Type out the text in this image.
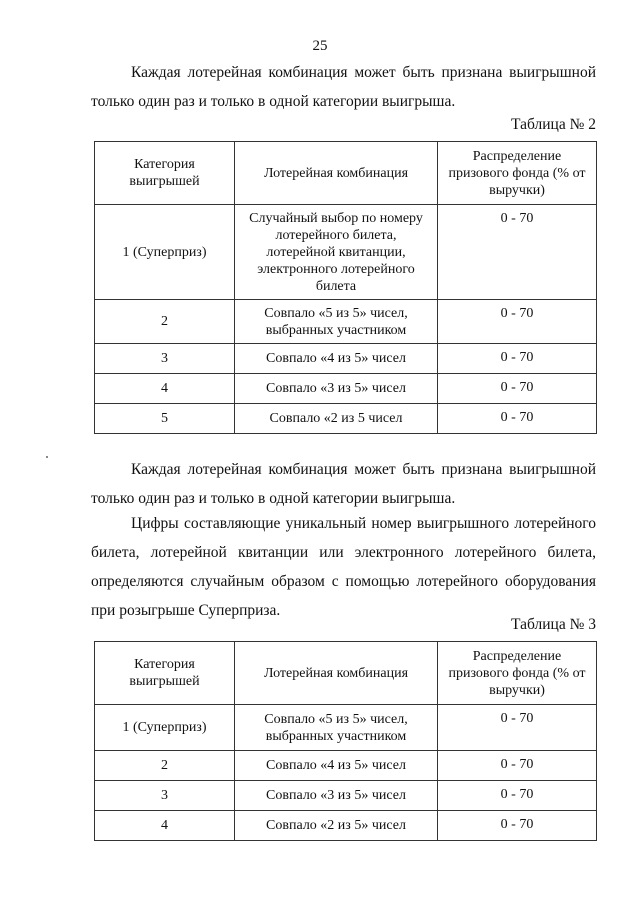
25

Каждая лотерейная комбинация может быть признана выигрышной только один раз и только в одной категории выигрыша.

Таблица № 2
Категория выигрышей	Лотерейная комбинация	Распределение призового фонда (% от выручки)
1 (Суперприз)	Случайный выбор по номеру лотерейного билета, лотерейной квитанции, электронного лотерейного билета	0 - 70
2	Совпало «5 из 5» чисел, выбранных участником	0 - 70
3	Совпало «4 из 5» чисел	0 - 70
4	Совпало «3 из 5» чисел	0 - 70
5	Совпало «2 из 5 чисел	0 - 70

Каждая лотерейная комбинация может быть признана выигрышной только один раз и только в одной категории выигрыша.

Цифры составляющие уникальный номер выигрышного лотерейного билета, лотерейной квитанции или электронного лотерейного билета, определяются случайным образом с помощью лотерейного оборудования при розыгрыше Суперприза.

Таблица № 3
Категория выигрышей	Лотерейная комбинация	Распределение призового фонда (% от выручки)
1 (Суперприз)	Совпало «5 из 5» чисел, выбранных участником	0 - 70
2	Совпало «4 из 5» чисел	0 - 70
3	Совпало «3 из 5» чисел	0 - 70
4	Совпало «2 из 5» чисел	0 - 70
